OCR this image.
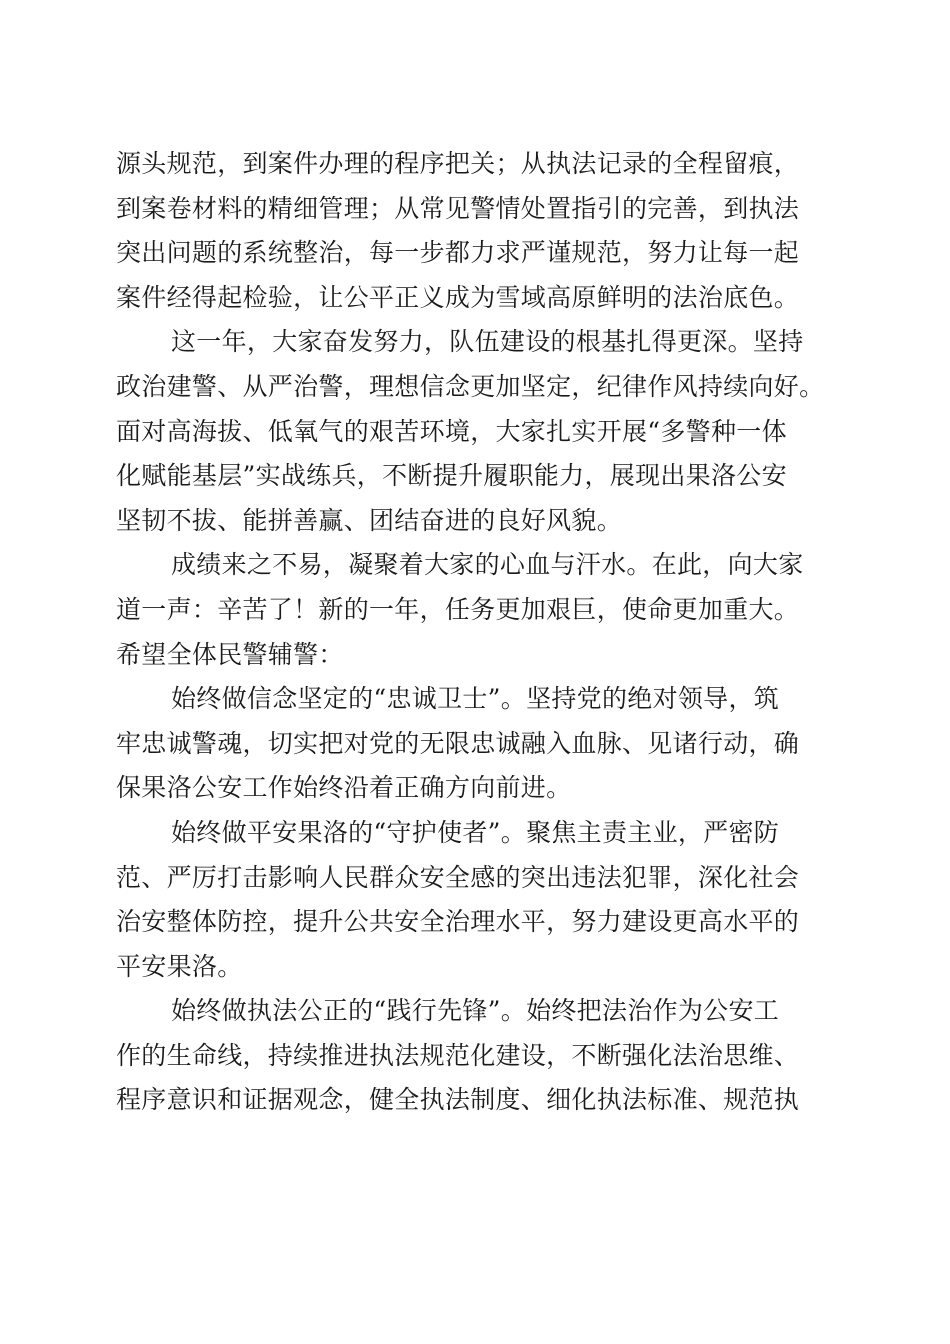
源头规范，到案件办理的程序把关；从执法记录的全程留痕，
到案卷材料的精细管理；从常见警情处置指引的完善，到执法
突出问题的系统整治，每一步都力求严谨规范，努力让每一起
案件经得起检验，让公平正义成为雪域高原鲜明的法治底色。
这一年，大家奋发努力，队伍建设的根基扎得更深。坚持
政治建警、从严治警，理想信念更加坚定，纪律作风持续向好。
面对高海拔、低氧气的艰苦环境，大家扎实开展“多警种一体
化赋能基层”实战练兵，不断提升履职能力，展现出果洛公安
坚韧不拔、能拼善赢、团结奋进的良好风貌。
成绩来之不易，凝聚着大家的心血与汗水。在此，向大家
道一声：辛苦了！新的一年，任务更加艰巨，使命更加重大。
希望全体民警辅警：
始终做信念坚定的“忠诚卫士”。坚持党的绝对领导，筑
牢忠诚警魂，切实把对党的无限忠诚融入血脉、见诸行动，确
保果洛公安工作始终沿着正确方向前进。
始终做平安果洛的“守护使者”。聚焦主责主业，严密防
范、严厉打击影响人民群众安全感的突出违法犯罪，深化社会
治安整体防控，提升公共安全治理水平，努力建设更高水平的
平安果洛。
始终做执法公正的“践行先锋”。始终把法治作为公安工
作的生命线，持续推进执法规范化建设，不断强化法治思维、
程序意识和证据观念，健全执法制度、细化执法标准、规范执
